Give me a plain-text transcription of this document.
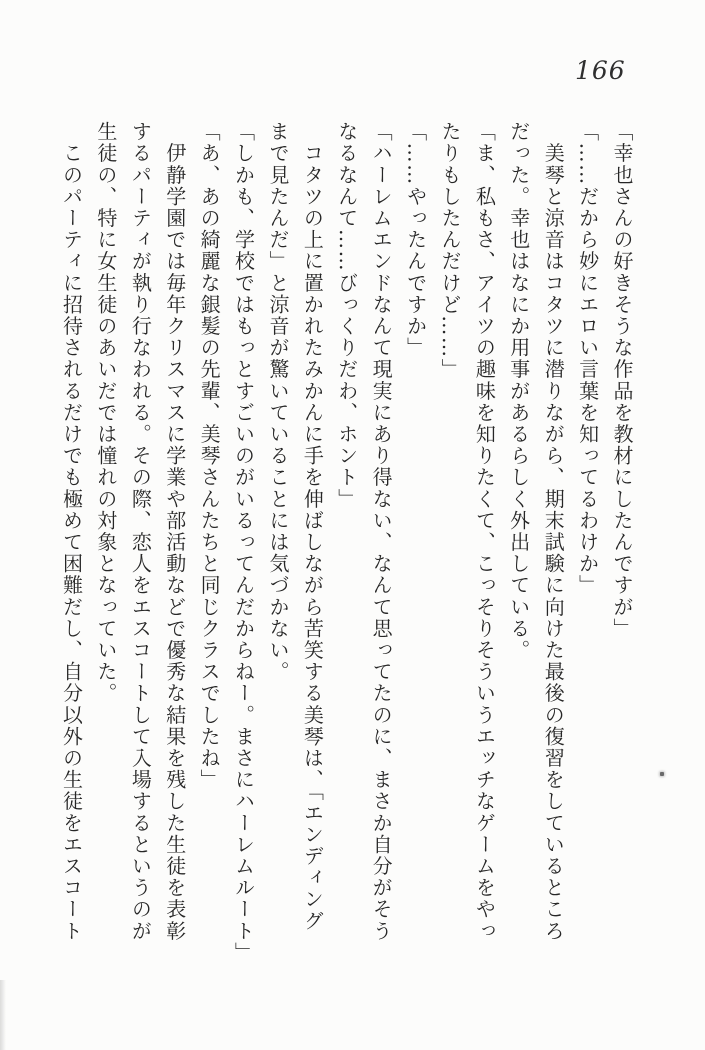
166

「幸也さんの好きそうな作品を教材にしたんですが」

「……だから妙にエロい言葉を知ってるわけか」

　美琴と涼音はコタツに潜りながら、期末試験に向けた最後の復習をしているところ

だった。幸也はなにか用事があるらしく外出している。

「ま、私もさ、アイツの趣味を知りたくて、こっそりそういうエッチなゲームをやっ

たりもしたんだけど……」

「……やったんですか」

「ハーレムエンドなんて現実にあり得ない、なんて思ってたのに、まさか自分がそう

なるなんて……びっくりだわ、ホント」

　コタツの上に置かれたみかんに手を伸ばしながら苦笑する美琴は、「エンディング

まで見たんだ」と涼音が驚いていることには気づかない。

「しかも、学校ではもっとすごいのがいるってんだからねー。まさにハーレムルート」

「あ、あの綺麗な銀髪の先輩、美琴さんたちと同じクラスでしたね」

　伊静学園では毎年クリスマスに学業や部活動などで優秀な結果を残した生徒を表彰

するパーティが執り行なわれる。その際、恋人をエスコートして入場するというのが

生徒の、特に女生徒のあいだでは憧れの対象となっていた。

　このパーティに招待されるだけでも極めて困難だし、自分以外の生徒をエスコート
